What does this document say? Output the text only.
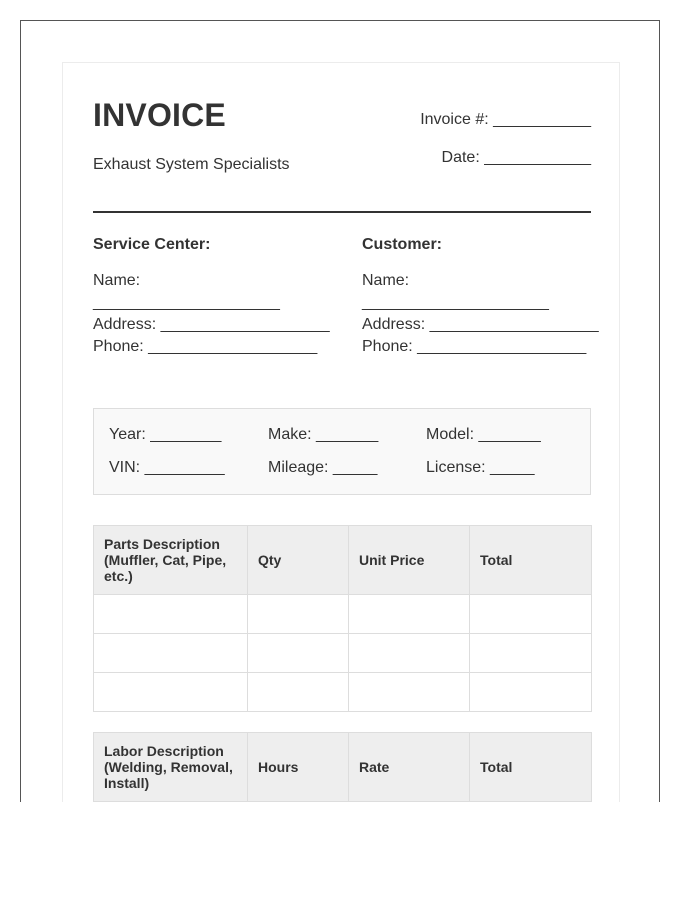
INVOICE
Exhaust System Specialists
Invoice #: ___________
Date: ____________
Service Center:
Name:
_____________________
Address: ___________________
Phone: ___________________
Customer:
Name:
_____________________
Address: ___________________
Phone: ___________________
Year: ________	Make: _______	Model: _______
VIN: _________	Mileage: _____	License: _____
Parts Description (Muffler, Cat, Pipe, etc.)	Qty	Unit Price	Total

Labor Description (Welding, Removal, Install)	Hours	Rate	Total
